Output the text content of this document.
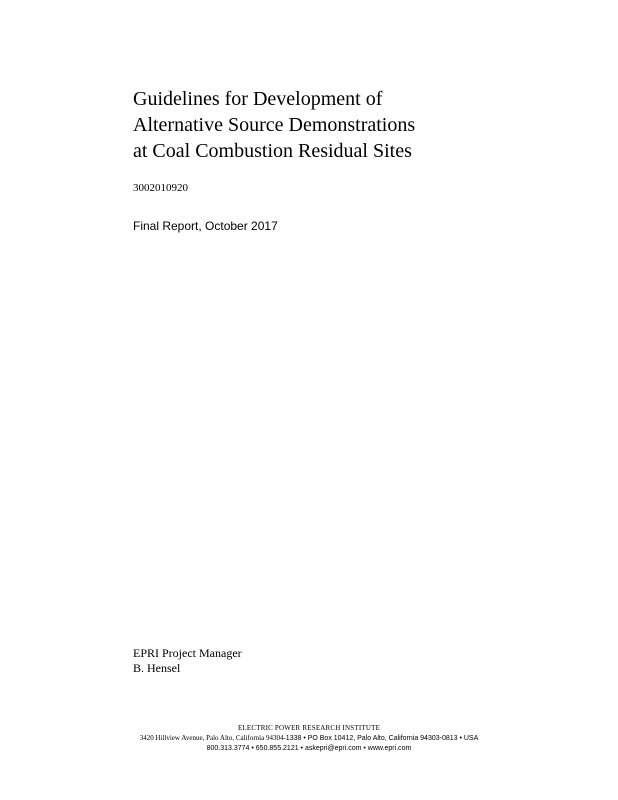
Guidelines for Development of
Alternative Source Demonstrations
at Coal Combustion Residual Sites
3002010920
Final Report, October 2017
EPRI Project Manager
B. Hensel
ELECTRIC POWER RESEARCH INSTITUTE
3420 Hillview Avenue, Palo Alto, California 94304-1338 • PO Box 10412, Palo Alto, California 94303-0813 • USA
800.313.3774 • 650.855.2121 • askepri@epri.com • www.epri.com
